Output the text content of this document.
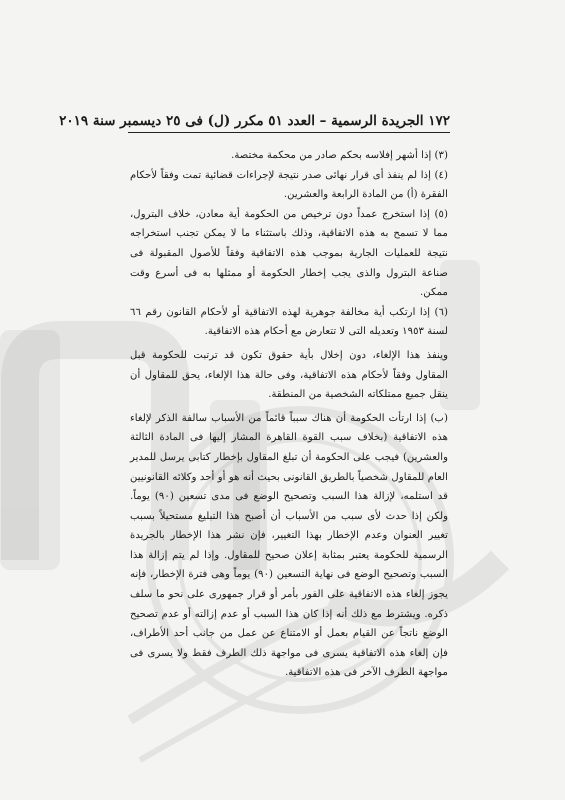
١٧٢ الجريدة الرسمية – العدد ٥١ مكرر (ل) فى ٢٥ ديسمبر سنة ٢٠١٩

(٣) إذا أشهر إفلاسه بحكم صادر من محكمة مختصة.

(٤) إذا لم ينفذ أى قرار نهائى صدر نتيجة لإجراءات قضائية تمت وفقاً لأحكام الفقرة (أ) من المادة الرابعة والعشرين.

(٥) إذا استخرج عمداً دون ترخيص من الحكومة أية معادن، خلاف البترول، مما لا تسمح به هذه الاتفاقية، وذلك باستثناء ما لا يمكن تجنب استخراجه نتيجة للعمليات الجارية بموجب هذه الاتفاقية وفقاً للأصول المقبولة فى صناعة البترول والذى يجب إخطار الحكومة أو ممثلها به فى أسرع وقت ممكن.

(٦) إذا ارتكب أية مخالفة جوهرية لهذه الاتفاقية أو لأحكام القانون رقم ٦٦ لسنة ١٩٥٣ وتعديله التى لا تتعارض مع أحكام هذه الاتفاقية.

وينفذ هذا الإلغاء، دون إخلال بأية حقوق تكون قد ترتبت للحكومة قبل المقاول وفقاً لأحكام هذه الاتفاقية، وفى حالة هذا الإلغاء، يحق للمقاول أن ينقل جميع ممتلكاته الشخصية من المنطقة.

(ب) إذا ارتأت الحكومة أن هناك سبباً قائماً من الأسباب سالفة الذكر لإلغاء هذه الاتفاقية (بخلاف سبب القوة القاهرة المشار إليها فى المادة الثالثة والعشرين) فيجب على الحكومة أن تبلغ المقاول بإخطار كتابى يرسل للمدير العام للمقاول شخصياً بالطريق القانونى بحيث أنه هو أو أحد وكلائه القانونيين قد استلمه، لإزالة هذا السبب وتصحيح الوضع فى مدى تسعين (٩٠) يوماً. ولكن إذا حدث لأى سبب من الأسباب أن أصبح هذا التبليغ مستحيلاً بسبب تغيير العنوان وعدم الإخطار بهذا التغيير، فإن نشر هذا الإخطار بالجريدة الرسمية للحكومة يعتبر بمثابة إعلان صحيح للمقاول. وإذا لم يتم إزالة هذا السبب وتصحيح الوضع فى نهاية التسعين (٩٠) يوماً وهى فترة الإخطار، فإنه يجوز إلغاء هذه الاتفاقية على الفور بأمر أو قرار جمهورى على نحو ما سلف ذكره. ويشترط مع ذلك أنه إذا كان هذا السبب أو عدم إزالته أو عدم تصحيح الوضع ناتجاً عن القيام بعمل أو الامتناع عن عمل من جانب أحد الأطراف، فإن إلغاء هذه الاتفاقية يسرى فى مواجهة ذلك الطرف فقط ولا يسرى فى مواجهة الطرف الآخر فى هذه الاتفاقية.
